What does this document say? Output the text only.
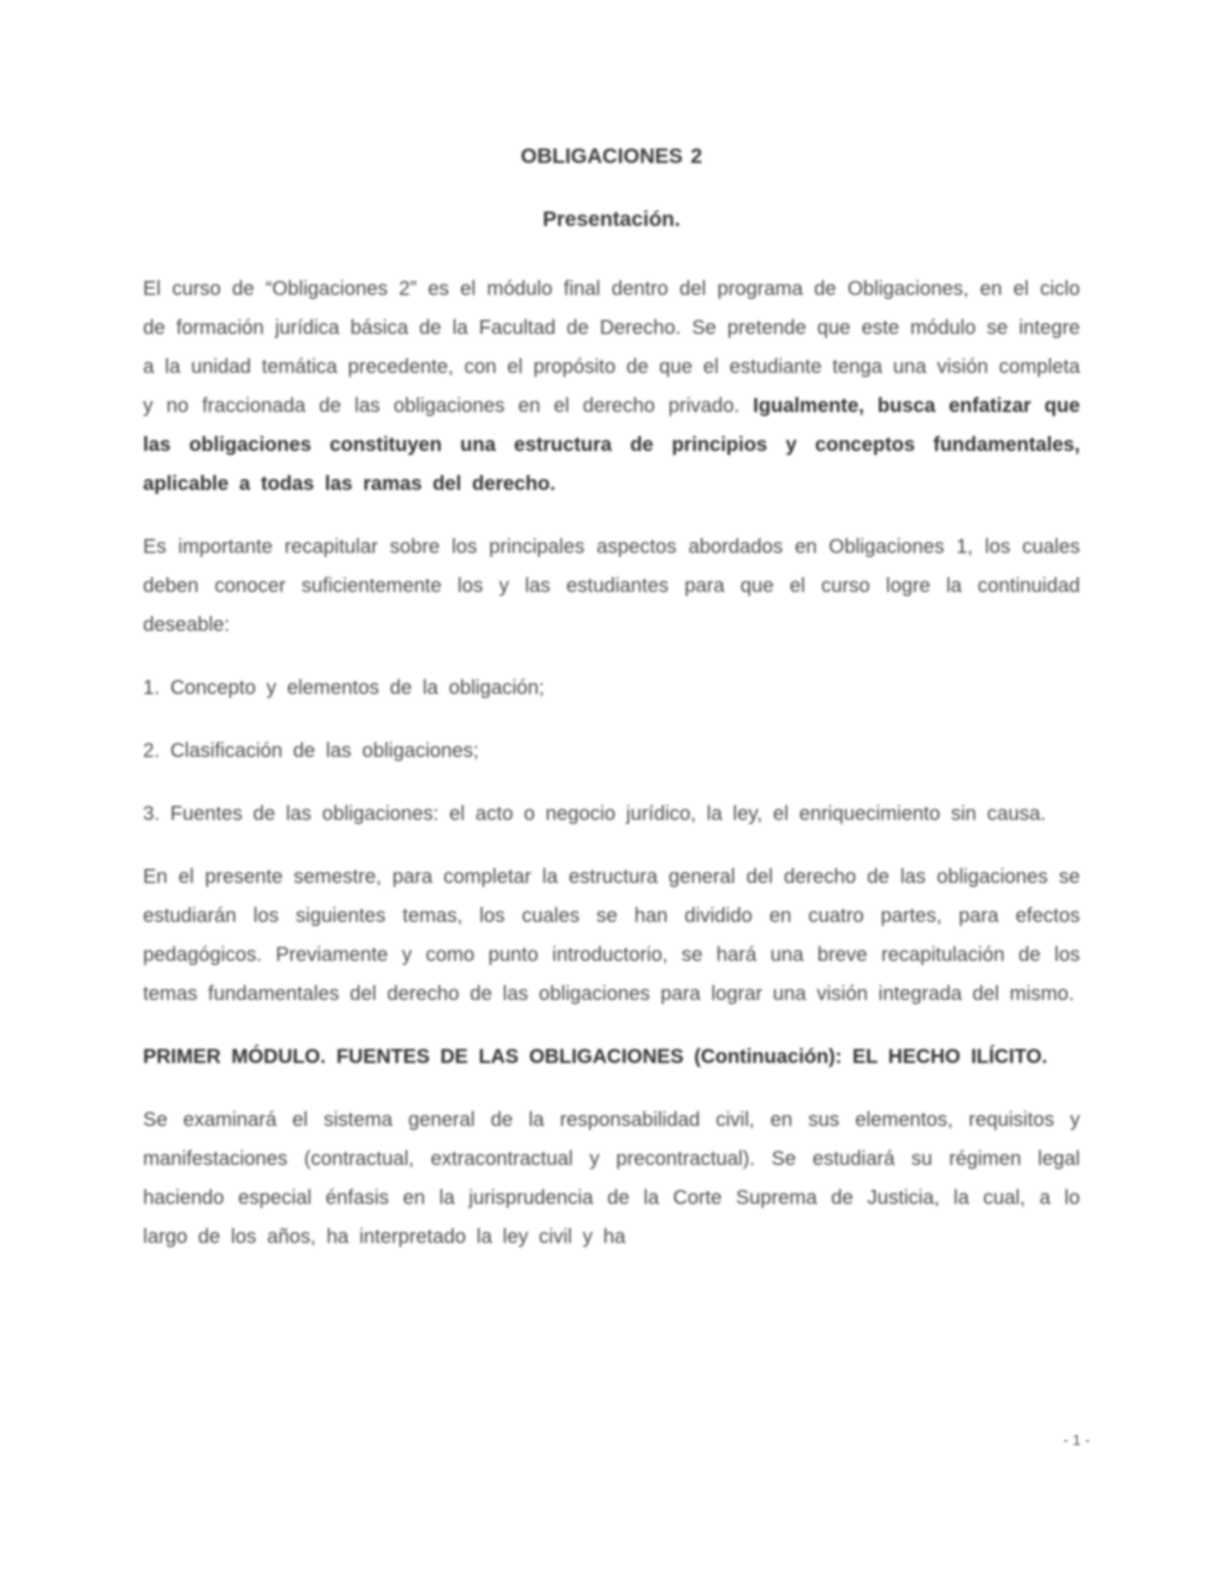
OBLIGACIONES 2
Presentación.

El curso de “Obligaciones 2” es el módulo final dentro del programa de Obligaciones, en el ciclo de formación jurídica básica de la Facultad de Derecho. Se pretende que este módulo se integre a la unidad temática precedente, con el propósito de que el estudiante tenga una visión completa y no fraccionada de las obligaciones en el derecho privado. Igualmente, busca enfatizar que las obligaciones constituyen una estructura de principios y conceptos fundamentales, aplicable a todas las ramas del derecho.

Es importante recapitular sobre los principales aspectos abordados en Obligaciones 1, los cuales deben conocer suficientemente los y las estudiantes para que el curso logre la continuidad deseable:

1. Concepto y elementos de la obligación;

2. Clasificación de las obligaciones;

3. Fuentes de las obligaciones: el acto o negocio jurídico, la ley, el enriquecimiento sin causa.

En el presente semestre, para completar la estructura general del derecho de las obligaciones se estudiarán los siguientes temas, los cuales se han dividido en cuatro partes, para efectos pedagógicos. Previamente y como punto introductorio, se hará una breve recapitulación de los temas fundamentales del derecho de las obligaciones para lograr una visión integrada del mismo.

PRIMER MÓDULO. FUENTES DE LAS OBLIGACIONES (Continuación): EL HECHO ILÍCITO.

Se examinará el sistema general de la responsabilidad civil, en sus elementos, requisitos y manifestaciones (contractual, extracontractual y precontractual). Se estudiará su régimen legal haciendo especial énfasis en la jurisprudencia de la Corte Suprema de Justicia, la cual, a lo largo de los años, ha interpretado la ley civil y ha

- 1 -
